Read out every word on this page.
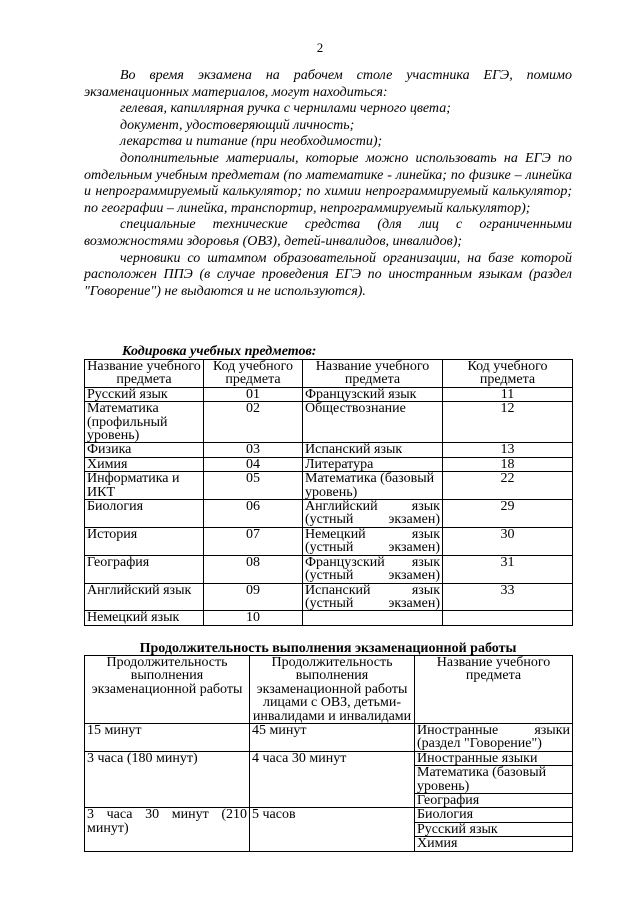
2

Во время экзамена на рабочем столе участника ЕГЭ, помимо экзаменационных материалов, могут находиться:

гелевая, капиллярная ручка с чернилами черного цвета;

документ, удостоверяющий личность;

лекарства и питание (при необходимости);

дополнительные материалы, которые можно использовать на ЕГЭ по отдельным учебным предметам (по математике - линейка; по физике – линейка и непрограммируемый калькулятор; по химии непрограммируемый калькулятор; по географии – линейка, транспортир, непрограммируемый калькулятор);

специальные технические средства (для лиц с ограниченными возможностями здоровья (ОВЗ), детей-инвалидов, инвалидов);

черновики со штампом образовательной организации, на базе которой расположен ППЭ (в случае проведения ЕГЭ по иностранным языкам (раздел "Говорение") не выдаются и не используются).

Кодировка учебных предметов:
Название учебного предмета	Код учебного предмета	Название учебного предмета	Код учебного предмета
Русский язык	01	Французский язык	11
Математика (профильный уровень)	02	Обществознание	12
Физика	03	Испанский язык	13
Химия	04	Литература	18
Информатика и ИКТ	05	Математика (базовый уровень)	22
Биология	06	Английский язык (устный экзамен)	29
История	07	Немецкий язык (устный экзамен)	30
География	08	Французский язык (устный экзамен)	31
Английский язык	09	Испанский язык (устный экзамен)	33
Немецкий язык	10		
Продолжительность выполнения экзаменационной работы
Продолжительность выполнения экзаменационной работы	Продолжительность выполнения экзаменационной работы лицами с ОВЗ, детьми-инвалидами и инвалидами	Название учебного предмета
15 минут	45 минут	Иностранные языки (раздел "Говорение")

3 часа (180 минут)	4 часа 30 минут	Иностранные языки
Математика (базовый уровень)
География

3 часа 30 минут (210 минут)	5 часов	Биология
Русский язык
Химия
